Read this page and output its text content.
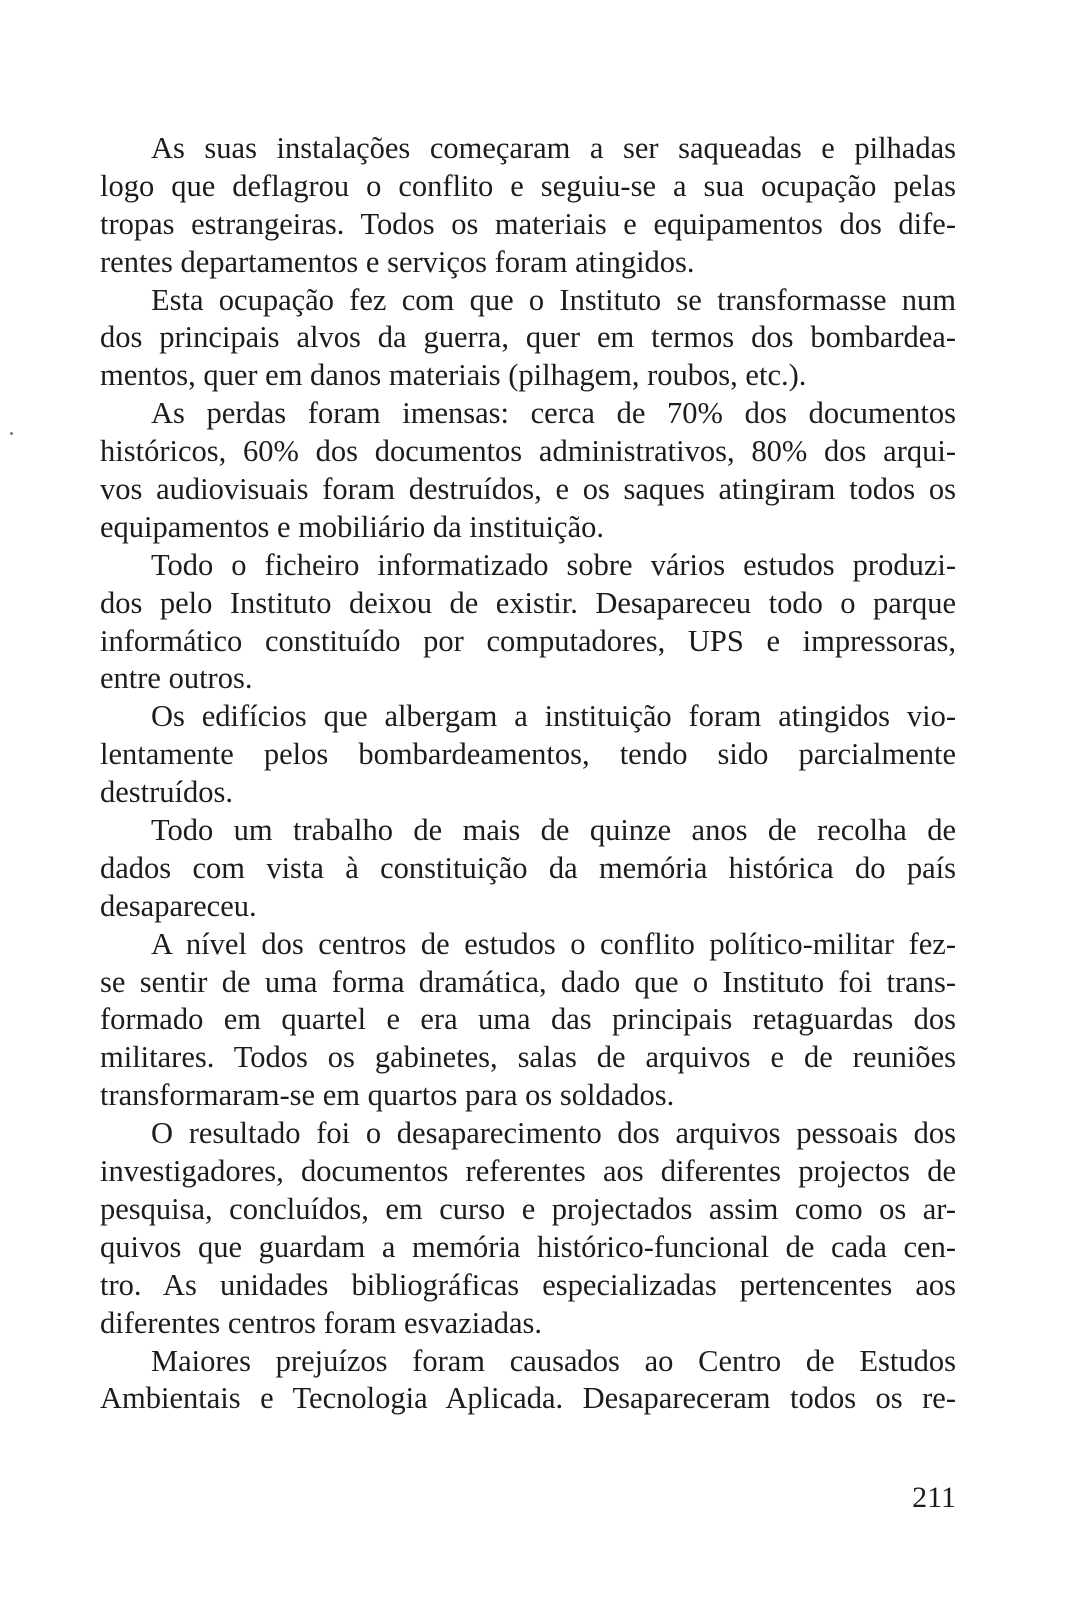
As suas instalações começaram a ser saqueadas e pilhadas
logo que deflagrou o conflito e seguiu-se a sua ocupação pelas
tropas estrangeiras. Todos os materiais e equipamentos dos dife-
rentes departamentos e serviços foram atingidos.
Esta ocupação fez com que o Instituto se transformasse num
dos principais alvos da guerra, quer em termos dos bombardea-
mentos, quer em danos materiais (pilhagem, roubos, etc.).
As perdas foram imensas: cerca de 70% dos documentos
históricos, 60% dos documentos administrativos, 80% dos arqui-
vos audiovisuais foram destruídos, e os saques atingiram todos os
equipamentos e mobiliário da instituição.
Todo o ficheiro informatizado sobre vários estudos produzi-
dos pelo Instituto deixou de existir. Desapareceu todo o parque
informático constituído por computadores, UPS e impressoras,
entre outros.
Os edifícios que albergam a instituição foram atingidos vio-
lentamente pelos bombardeamentos, tendo sido parcialmente
destruídos.
Todo um trabalho de mais de quinze anos de recolha de
dados com vista à constituição da memória histórica do país
desapareceu.
A nível dos centros de estudos o conflito político-militar fez-
se sentir de uma forma dramática, dado que o Instituto foi trans-
formado em quartel e era uma das principais retaguardas dos
militares. Todos os gabinetes, salas de arquivos e de reuniões
transformaram-se em quartos para os soldados.
O resultado foi o desaparecimento dos arquivos pessoais dos
investigadores, documentos referentes aos diferentes projectos de
pesquisa, concluídos, em curso e projectados assim como os ar-
quivos que guardam a memória histórico-funcional de cada cen-
tro. As unidades bibliográficas especializadas pertencentes aos
diferentes centros foram esvaziadas.
Maiores prejuízos foram causados ao Centro de Estudos
Ambientais e Tecnologia Aplicada. Desapareceram todos os re-
211
